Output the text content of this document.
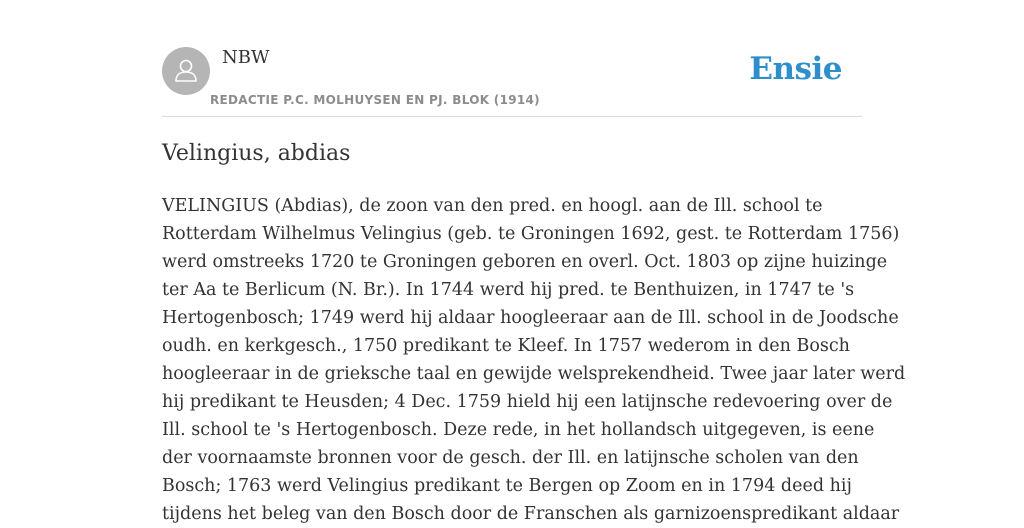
NBW
REDACTIE P.C. MOLHUYSEN EN PJ. BLOK (1914)
Ensie
Velingius, abdias

VELINGIUS (Abdias), de zoon van den pred. en hoogl. aan de Ill. school te
Rotterdam Wilhelmus Velingius (geb. te Groningen 1692, gest. te Rotterdam 1756)
werd omstreeks 1720 te Groningen geboren en overl. Oct. 1803 op zijne huizinge
ter Aa te Berlicum (N. Br.). In 1744 werd hij pred. te Benthuizen, in 1747 te 's
Hertogenbosch; 1749 werd hij aldaar hoogleeraar aan de Ill. school in de Joodsche
oudh. en kerkgesch., 1750 predikant te Kleef. In 1757 wederom in den Bosch
hoogleeraar in de grieksche taal en gewijde welsprekendheid. Twee jaar later werd
hij predikant te Heusden; 4 Dec. 1759 hield hij een latijnsche redevoering over de
Ill. school te 's Hertogenbosch. Deze rede, in het hollandsch uitgegeven, is eene
der voornaamste bronnen voor de gesch. der Ill. en latijnsche scholen van den
Bosch; 1763 werd Velingius predikant te Bergen op Zoom en in 1794 deed hij
tijdens het beleg van den Bosch door de Franschen als garnizoenspredikant aldaar
